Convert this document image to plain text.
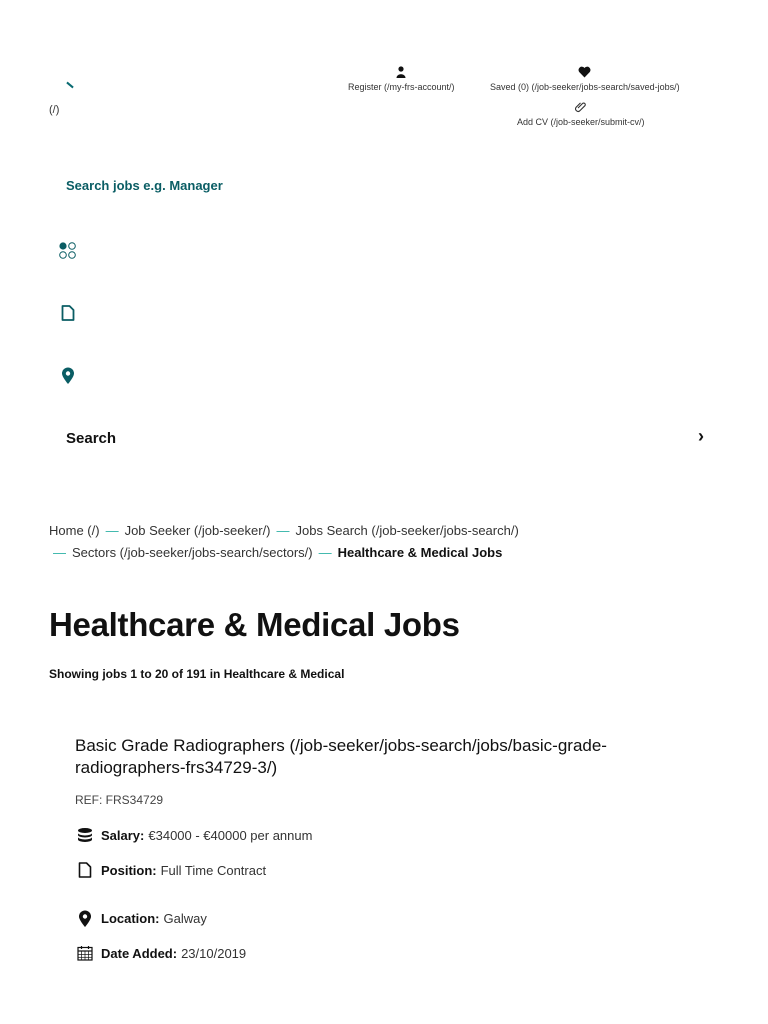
(/)
Register (/my-frs-account/)	Saved (0) (/job-seeker/jobs-search/saved-jobs/)
Add CV (/job-seeker/submit-cv/)
Search jobs e.g. Manager
Search	›
Home (/) — Job Seeker (/job-seeker/) — Jobs Search (/job-seeker/jobs-search/)
— Sectors (/job-seeker/jobs-search/sectors/) — Healthcare & Medical Jobs
Healthcare & Medical Jobs
Showing jobs 1 to 20 of 191 in Healthcare & Medical
Basic Grade Radiographers (/job-seeker/jobs-search/jobs/basic-grade-radiographers-frs34729-3/)
REF: FRS34729
Salary: €34000 - €40000 per annum
Position: Full Time Contract
Location: Galway
Date Added: 23/10/2019
